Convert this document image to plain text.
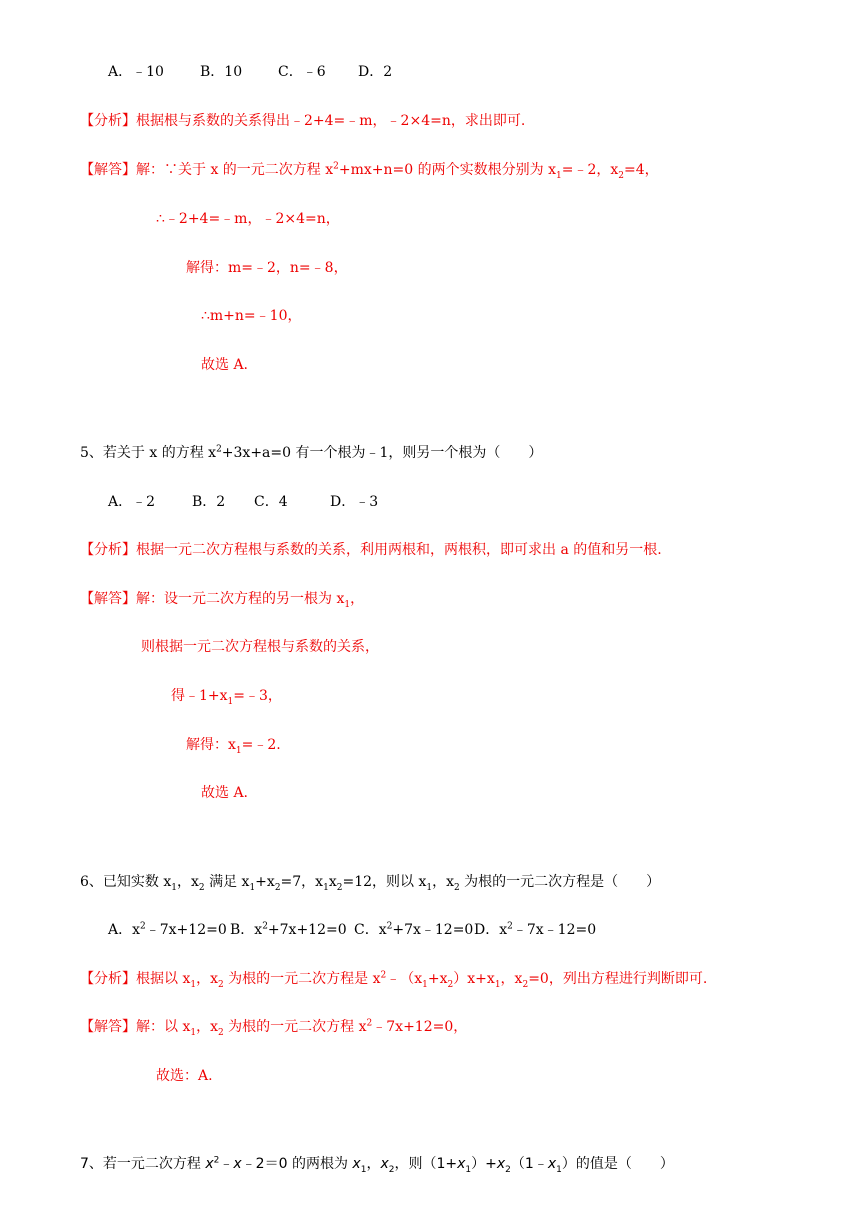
A．﹣10	B．10	C．﹣6 D．2
【分析】根据根与系数的关系得出﹣2+4=﹣m，﹣2×4=n，求出即可.
【解答】解：∵关于 x 的一元二次方程 $x^2+mx+n=0$ 的两个实数根分别为 $x_1=﹣2$，$x_2=4$，
∴﹣2+4=﹣m，﹣2×4=n，
解得：m=﹣2，n=﹣8，
∴m+n=﹣10，
故选 A.
5、若关于 x 的方程 $x^2+3x+a=0$ 有一个根为﹣1，则另一个根为（　　）
A．﹣2	B．2 C．4	D．﹣3
【分析】根据一元二次方程根与系数的关系，利用两根和，两根积，即可求出 a 的值和另一根.
【解答】解：设一元二次方程的另一根为 $x_1$，
则根据一元二次方程根与系数的关系，
得$﹣1+x_1=﹣3$，
解得：$x_1=﹣2$.
故选 A.
6、已知实数 $x_1$，$x_2$ 满足 $x_1+x_2=7$，$x_1x_2=12$，则以 $x_1$，$x_2$ 为根的一元二次方程是（　　）
A．$x^2﹣7x+12=0$ B．$x^2+7x+12=0$ C．$x^2+7x﹣12=0D$．$x^2﹣7x﹣12=0$
【分析】根据以 $x_1$，$x_2$ 为根的一元二次方程是 $x^2﹣(x_1+x_2)x+x_1$，$x_2=0$，列出方程进行判断即可.
【解答】解：以 $x_1$，$x_2$ 为根的一元二次方程 $x^2﹣7x+12=0$，
故选：A.
7、若一元二次方程 $x^2﹣x﹣2=0$ 的两根为 $x_1$，$x_2$，则$(1+x_1)+x_2(1﹣x_1)$的值是（　　）
